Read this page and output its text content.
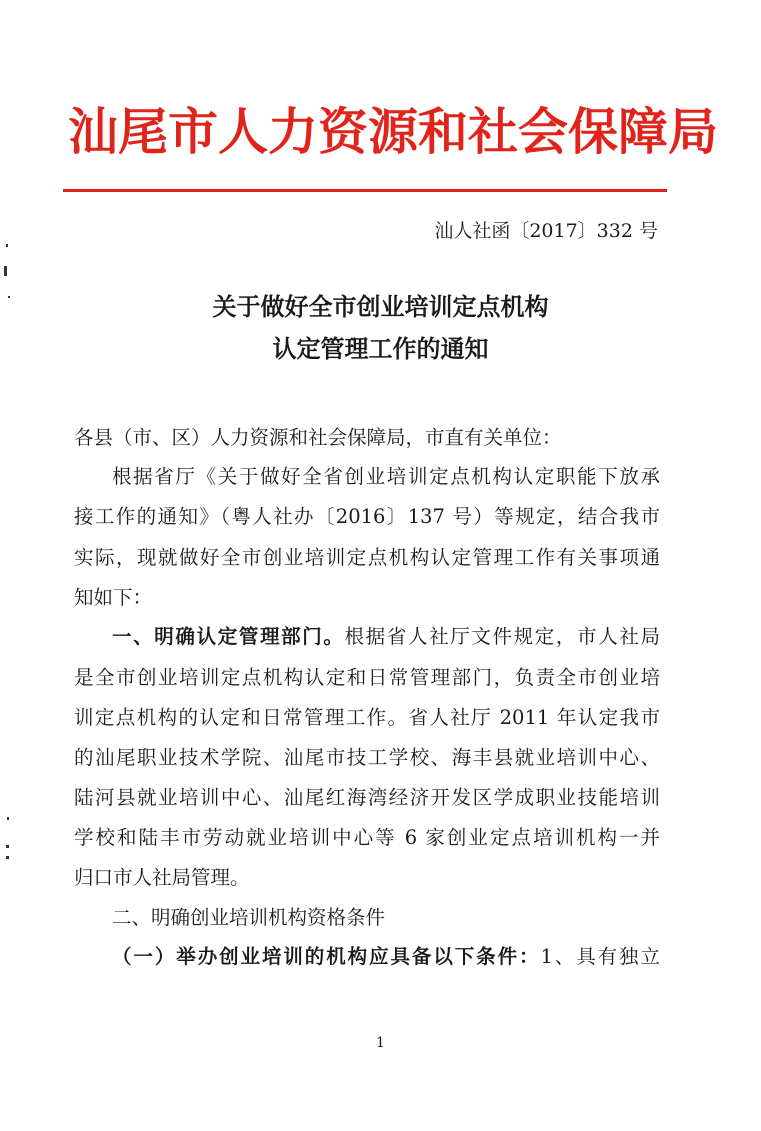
汕尾市人力资源和社会保障局
汕人社函〔2017〕332 号
关于做好全市创业培训定点机构
认定管理工作的通知
各县（市、区）人力资源和社会保障局，市直有关单位：
根据省厅《关于做好全省创业培训定点机构认定职能下放承
接工作的通知》（粤人社办〔2016〕137 号）等规定，结合我市
实际，现就做好全市创业培训定点机构认定管理工作有关事项通
知如下：
一、明确认定管理部门。根据省人社厅文件规定，市人社局
是全市创业培训定点机构认定和日常管理部门，负责全市创业培
训定点机构的认定和日常管理工作。省人社厅 2011 年认定我市
的汕尾职业技术学院、汕尾市技工学校、海丰县就业培训中心、
陆河县就业培训中心、汕尾红海湾经济开发区学成职业技能培训
学校和陆丰市劳动就业培训中心等 6 家创业定点培训机构一并
归口市人社局管理。
二、明确创业培训机构资格条件
（一）举办创业培训的机构应具备以下条件：1、具有独立
1
